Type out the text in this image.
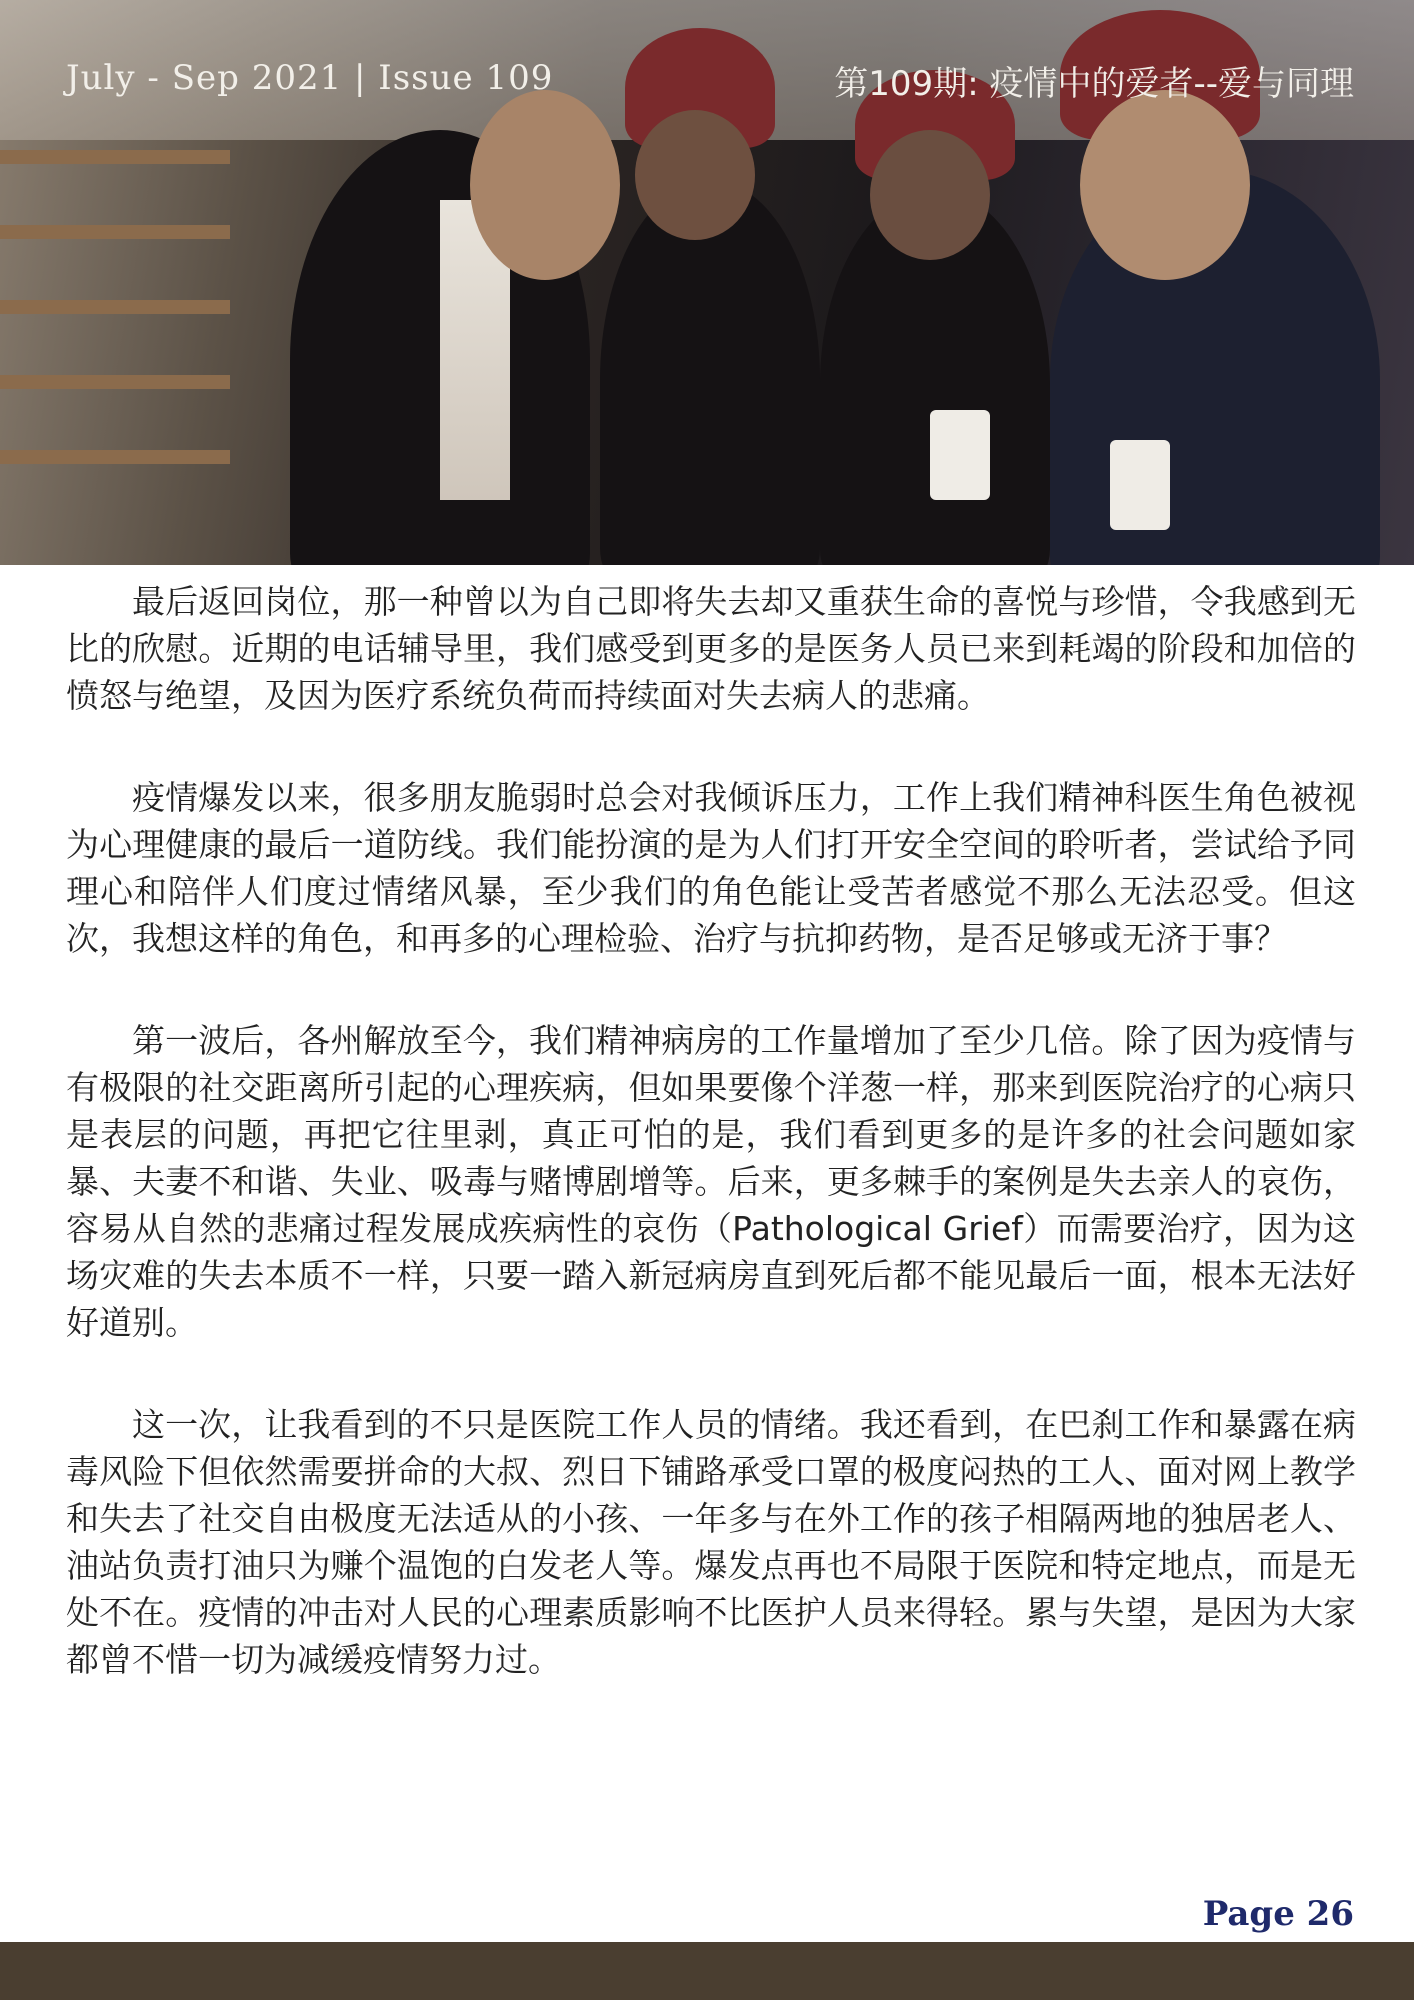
July - Sep 2021 | Issue 109	第109期: 疫情中的爱者--爱与同理

最后返回岗位，那一种曾以为自己即将失去却又重获生命的喜悦与珍惜，令我感到无比的欣慰。近期的电话辅导里，我们感受到更多的是医务人员已来到耗竭的阶段和加倍的愤怒与绝望，及因为医疗系统负荷而持续面对失去病人的悲痛。

疫情爆发以来，很多朋友脆弱时总会对我倾诉压力，工作上我们精神科医生角色被视为心理健康的最后一道防线。我们能扮演的是为人们打开安全空间的聆听者，尝试给予同理心和陪伴人们度过情绪风暴，至少我们的角色能让受苦者感觉不那么无法忍受。但这次，我想这样的角色，和再多的心理检验、治疗与抗抑药物，是否足够或无济于事？

第一波后，各州解放至今，我们精神病房的工作量增加了至少几倍。除了因为疫情与有极限的社交距离所引起的心理疾病，但如果要像个洋葱一样，那来到医院治疗的心病只是表层的问题，再把它往里剥，真正可怕的是，我们看到更多的是许多的社会问题如家暴、夫妻不和谐、失业、吸毒与赌博剧增等。后来，更多棘手的案例是失去亲人的哀伤，容易从自然的悲痛过程发展成疾病性的哀伤（Pathological Grief）而需要治疗，因为这场灾难的失去本质不一样，只要一踏入新冠病房直到死后都不能见最后一面，根本无法好好道别。

这一次，让我看到的不只是医院工作人员的情绪。我还看到，在巴刹工作和暴露在病毒风险下但依然需要拼命的大叔、烈日下铺路承受口罩的极度闷热的工人、面对网上教学和失去了社交自由极度无法适从的小孩、一年多与在外工作的孩子相隔两地的独居老人、油站负责打油只为赚个温饱的白发老人等。爆发点再也不局限于医院和特定地点，而是无处不在。疫情的冲击对人民的心理素质影响不比医护人员来得轻。累与失望，是因为大家都曾不惜一切为减缓疫情努力过。

Page 26
